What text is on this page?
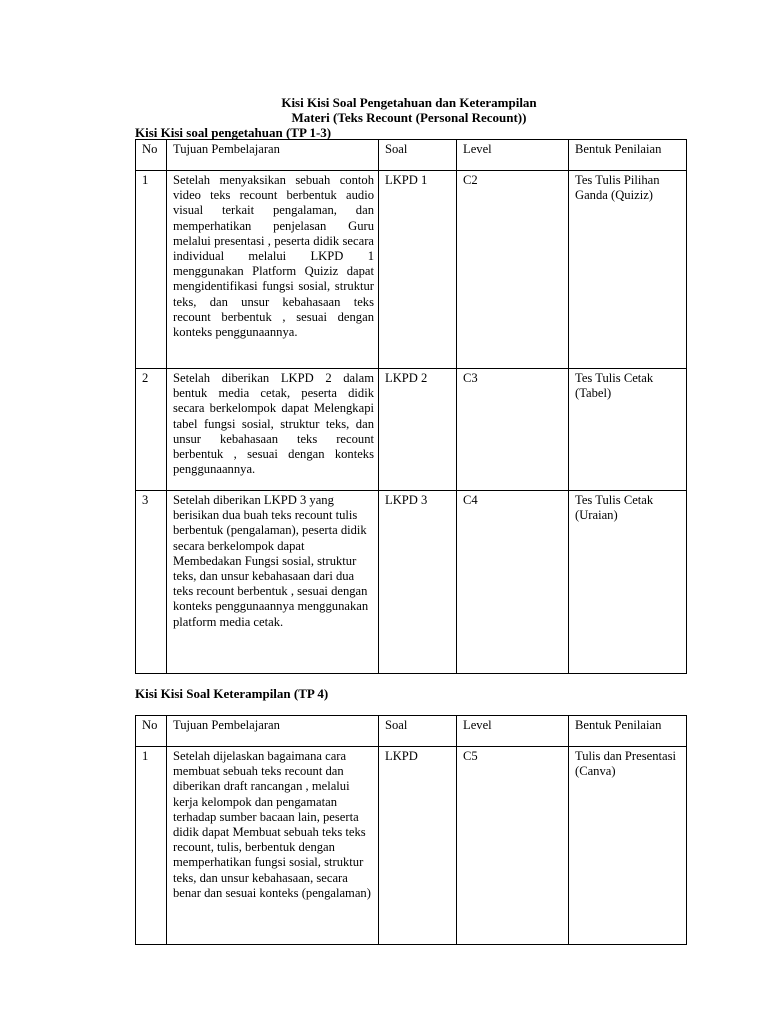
Kisi Kisi Soal Pengetahuan dan Keterampilan
Materi (Teks Recount (Personal Recount))
Kisi Kisi soal pengetahuan (TP 1-3)
No	Tujuan Pembelajaran	Soal	Level	Bentuk Penilaian
1	Setelah menyaksikan sebuah contoh video teks recount berbentuk audio visual terkait pengalaman, dan memperhatikan penjelasan Guru melalui presentasi , peserta didik secara individual melalui LKPD 1 menggunakan Platform Quiziz dapat mengidentifikasi fungsi sosial, struktur teks, dan unsur kebahasaan teks recount berbentuk , sesuai dengan konteks penggunaannya.	LKPD 1	C2	Tes Tulis Pilihan Ganda (Quiziz)
2	Setelah diberikan LKPD 2 dalam bentuk media cetak, peserta didik secara berkelompok dapat Melengkapi tabel fungsi sosial, struktur teks, dan unsur kebahasaan teks recount berbentuk , sesuai dengan konteks penggunaannya.	LKPD 2	C3	Tes Tulis Cetak (Tabel)
3	Setelah diberikan LKPD 3 yang berisikan dua buah teks recount tulis berbentuk (pengalaman), peserta didik secara berkelompok dapat Membedakan Fungsi sosial, struktur teks, dan unsur kebahasaan dari dua teks recount berbentuk , sesuai dengan konteks penggunaannya menggunakan platform media cetak.	LKPD 3	C4	Tes Tulis Cetak (Uraian)
Kisi Kisi Soal Keterampilan (TP 4)
No	Tujuan Pembelajaran	Soal	Level	Bentuk Penilaian
1	Setelah dijelaskan bagaimana cara membuat sebuah teks recount dan diberikan draft rancangan , melalui kerja kelompok dan pengamatan terhadap sumber bacaan lain, peserta didik dapat Membuat sebuah teks teks recount, tulis, berbentuk dengan memperhatikan fungsi sosial, struktur teks, dan unsur kebahasaan, secara benar dan sesuai konteks (pengalaman)	LKPD	C5	Tulis dan Presentasi (Canva)
